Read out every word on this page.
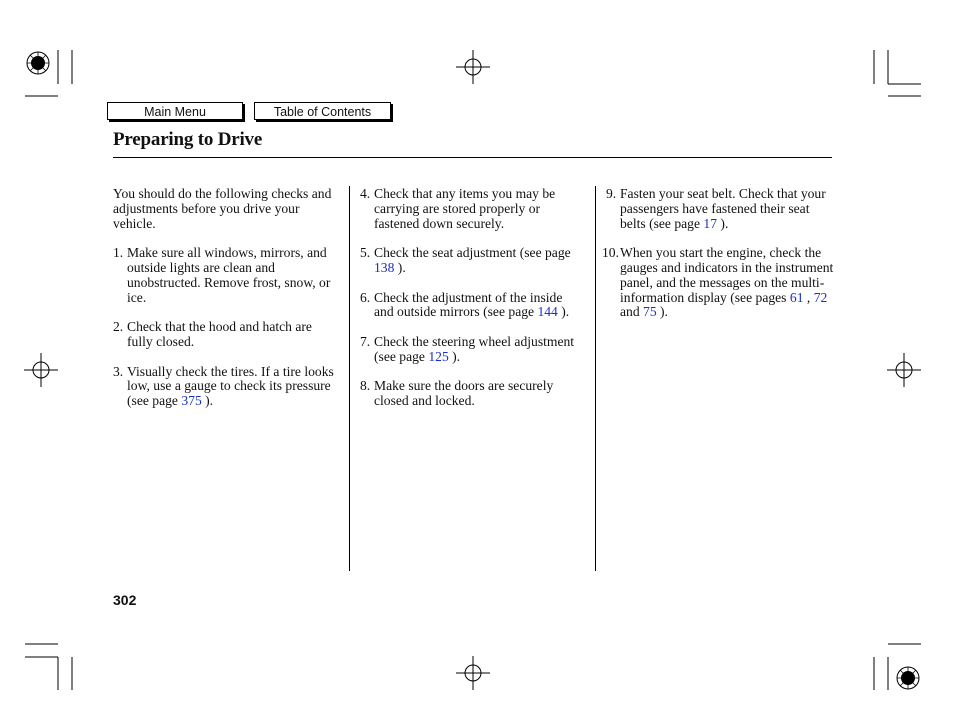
Main Menu	Table of Contents
Preparing to Drive

You should do the following checks and adjustments before you drive your vehicle.

1. Make sure all windows, mirrors, and outside lights are clean and unobstructed. Remove frost, snow, or ice.
2. Check that the hood and hatch are fully closed.
3. Visually check the tires. If a tire looks low, use a gauge to check its pressure (see page 375 ).
4. Check that any items you may be carrying are stored properly or fastened down securely.
5. Check the seat adjustment (see page 138 ).
6. Check the adjustment of the inside and outside mirrors (see page 144 ).
7. Check the steering wheel adjustment (see page 125 ).
8. Make sure the doors are securely closed and locked.
9. Fasten your seat belt. Check that your passengers have fastened their seat belts (see page 17 ).
10. When you start the engine, check the gauges and indicators in the instrument panel, and the messages on the multi-information display (see pages 61 , 72 and 75 ).
302
